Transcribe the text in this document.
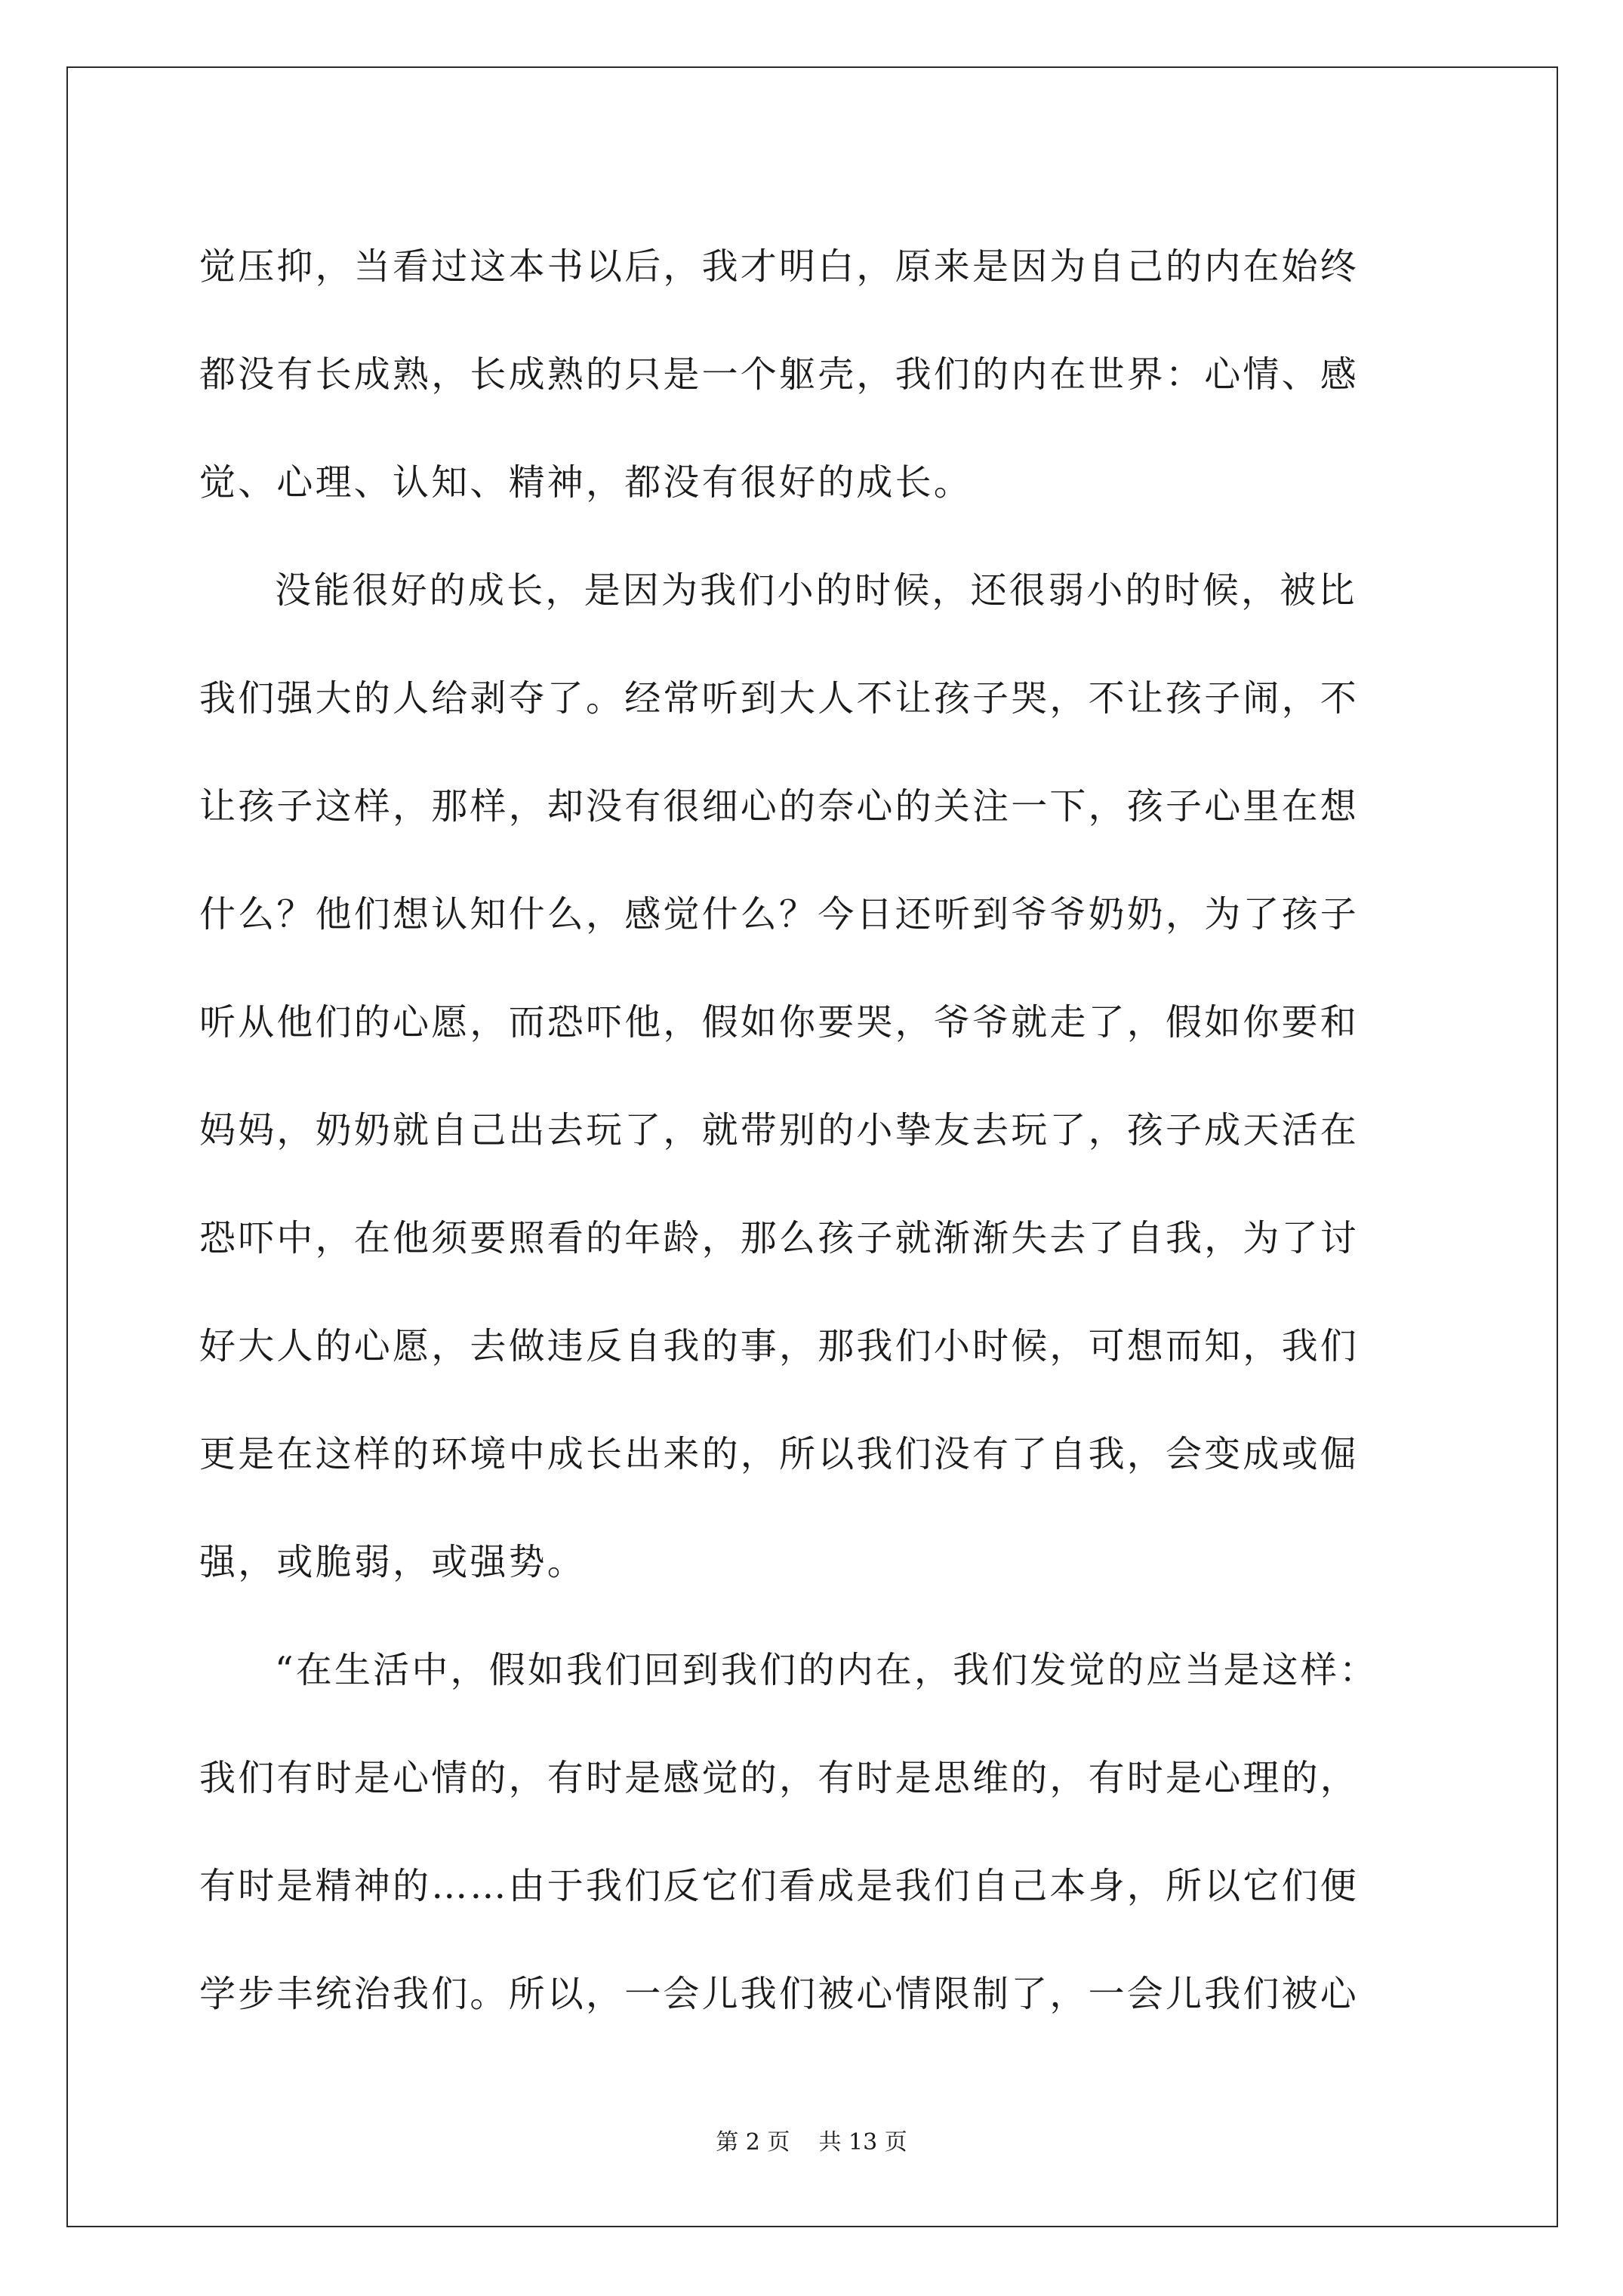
觉压抑，当看过这本书以后，我才明白，原来是因为自己的内在始终
都没有长成熟，长成熟的只是一个躯壳，我们的内在世界：心情、感
觉、心理、认知、精神，都没有很好的成长。
没能很好的成长，是因为我们小的时候，还很弱小的时候，被比
我们强大的人给剥夺了。经常听到大人不让孩子哭，不让孩子闹，不
让孩子这样，那样，却没有很细心的奈心的关注一下，孩子心里在想
什么？他们想认知什么，感觉什么？今日还听到爷爷奶奶，为了孩子
听从他们的心愿，而恐吓他，假如你要哭，爷爷就走了，假如你要和
妈妈，奶奶就自己出去玩了，就带别的小挚友去玩了，孩子成天活在
恐吓中，在他须要照看的年龄，那么孩子就渐渐失去了自我，为了讨
好大人的心愿，去做违反自我的事，那我们小时候，可想而知，我们
更是在这样的环境中成长出来的，所以我们没有了自我，会变成或倔
强，或脆弱，或强势。
“在生活中，假如我们回到我们的内在，我们发觉的应当是这样：
我们有时是心情的，有时是感觉的，有时是思维的，有时是心理的，
有时是精神的……由于我们反它们看成是我们自己本身，所以它们便
学步丰统治我们。所以，一会儿我们被心情限制了，一会儿我们被心
第 2 页    共 13 页
